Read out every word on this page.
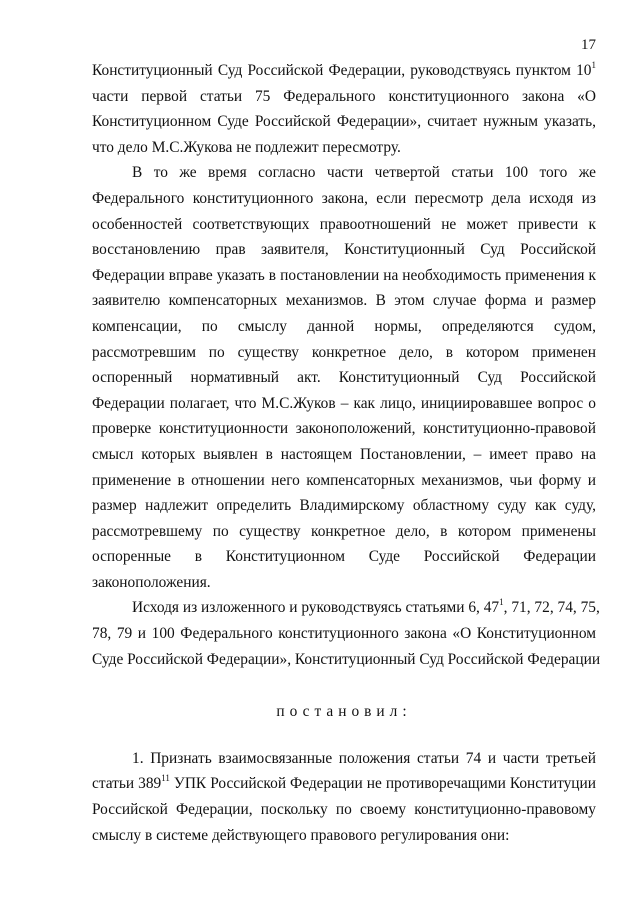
17

Конституционный Суд Российской Федерации, руководствуясь пунктом $10^1$
части первой статьи 75 Федерального конституционного закона «О
Конституционном Суде Российской Федерации», считает нужным указать,
что дело М.С.Жукова не подлежит пересмотру.

В то же время согласно части четвертой статьи 100 того же
Федерального конституционного закона, если пересмотр дела исходя из
особенностей соответствующих правоотношений не может привести к
восстановлению прав заявителя, Конституционный Суд Российской
Федерации вправе указать в постановлении на необходимость применения к
заявителю компенсаторных механизмов. В этом случае форма и размер
компенсации, по смыслу данной нормы, определяются судом,
рассмотревшим по существу конкретное дело, в котором применен
оспоренный нормативный акт. Конституционный Суд Российской
Федерации полагает, что М.С.Жуков – как лицо, инициировавшее вопрос о
проверке конституционности законоположений, конституционно-правовой
смысл которых выявлен в настоящем Постановлении, – имеет право на
применение в отношении него компенсаторных механизмов, чьи форму и
размер надлежит определить Владимирскому областному суду как суду,
рассмотревшему по существу конкретное дело, в котором применены
оспоренные в Конституционном Суде Российской Федерации
законоположения.

Исходя из изложенного и руководствуясь статьями 6, $47^1$, 71, 72, 74, 75,
78, 79 и 100 Федерального конституционного закона «О Конституционном
Суде Российской Федерации», Конституционный Суд Российской Федерации

постановил:

1. Признать взаимосвязанные положения статьи 74 и части третьей
статьи $389^{11}$ УПК Российской Федерации не противоречащими Конституции
Российской Федерации, поскольку по своему конституционно-правовому
смыслу в системе действующего правового регулирования они:
